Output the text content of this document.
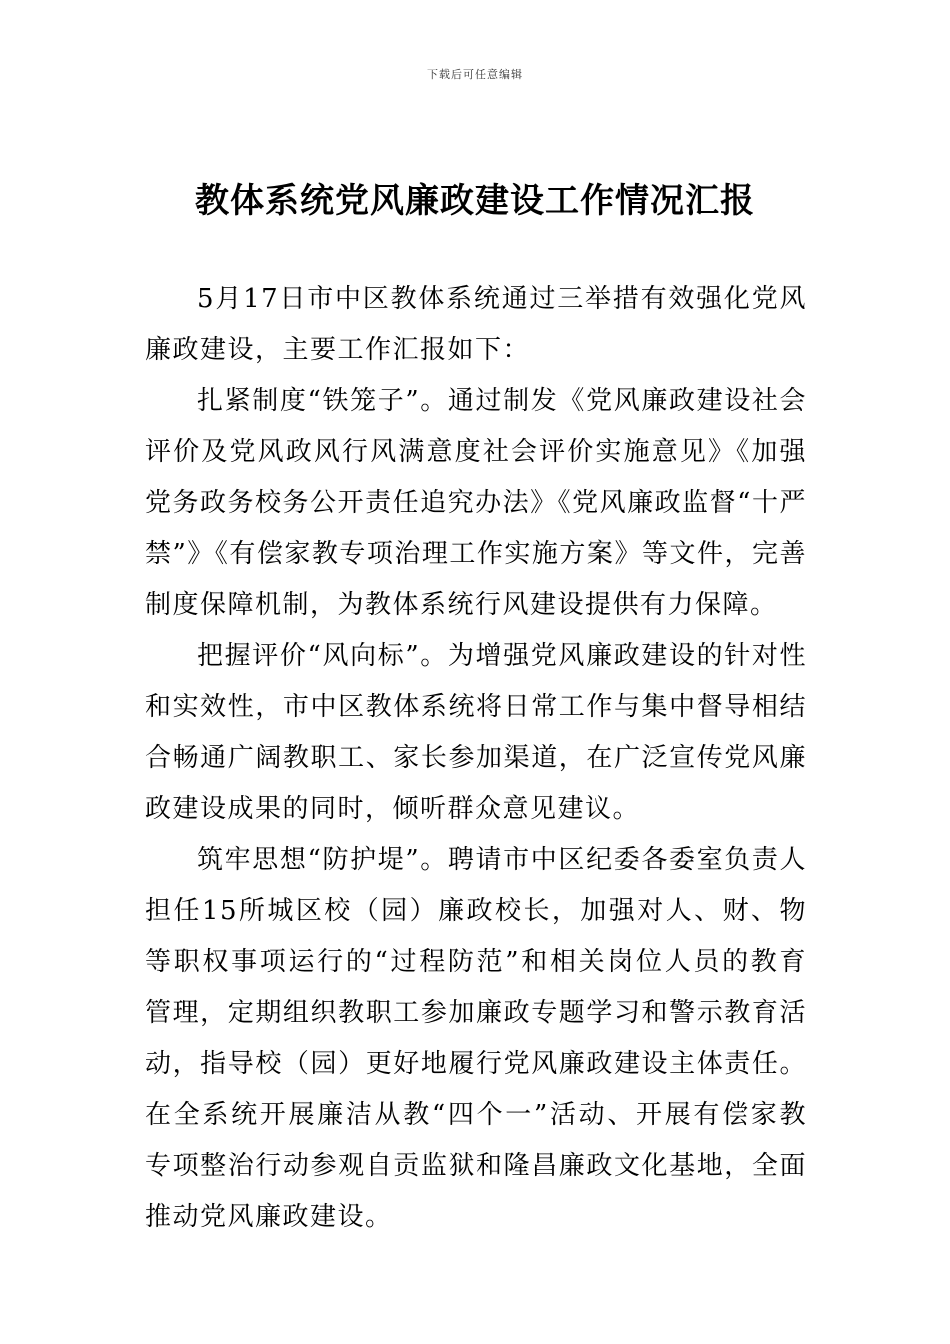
下载后可任意编辑
教体系统党风廉政建设工作情况汇报

5月17日市中区教体系统通过三举措有效强化党风廉政建设，主要工作汇报如下：

扎紧制度“铁笼子”。通过制发《党风廉政建设社会评价及党风政风行风满意度社会评价实施意见》《加强党务政务校务公开责任追究办法》《党风廉政监督“十严禁”》《有偿家教专项治理工作实施方案》等文件，完善制度保障机制，为教体系统行风建设提供有力保障。

把握评价“风向标”。为增强党风廉政建设的针对性和实效性，市中区教体系统将日常工作与集中督导相结合畅通广阔教职工、家长参加渠道，在广泛宣传党风廉政建设成果的同时，倾听群众意见建议。

筑牢思想“防护堤”。聘请市中区纪委各委室负责人担任15所城区校（园）廉政校长，加强对人、财、物等职权事项运行的“过程防范”和相关岗位人员的教育管理，定期组织教职工参加廉政专题学习和警示教育活动，指导校（园）更好地履行党风廉政建设主体责任。在全系统开展廉洁从教“四个一”活动、开展有偿家教专项整治行动参观自贡监狱和隆昌廉政文化基地，全面推动党风廉政建设。
